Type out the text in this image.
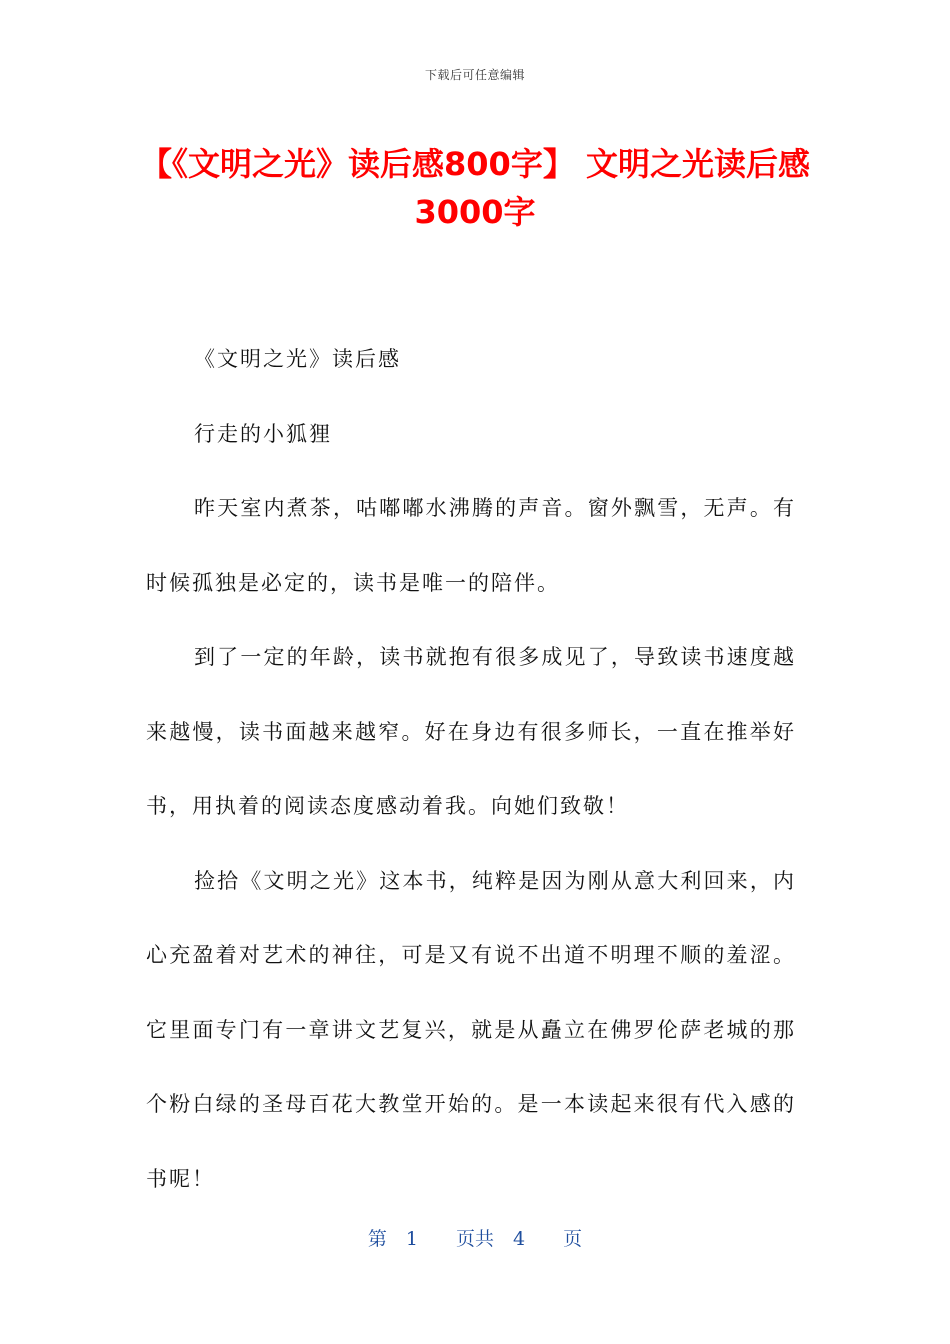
下载后可任意编辑
【《文明之光》读后感800字】 文明之光读后感3000字

《文明之光》读后感

行走的小狐狸

昨天室内煮茶，咕嘟嘟水沸腾的声音。窗外飘雪，无声。有时候孤独是必定的，读书是唯一的陪伴。

到了一定的年龄，读书就抱有很多成见了，导致读书速度越来越慢，读书面越来越窄。好在身边有很多师长，一直在推举好书，用执着的阅读态度感动着我。向她们致敬！

捡拾《文明之光》这本书，纯粹是因为刚从意大利回来，内心充盈着对艺术的神往，可是又有说不出道不明理不顺的羞涩。它里面专门有一章讲文艺复兴，就是从矗立在佛罗伦萨老城的那个粉白绿的圣母百花大教堂开始的。是一本读起来很有代入感的书呢！

第　1　　页共　4　　页
